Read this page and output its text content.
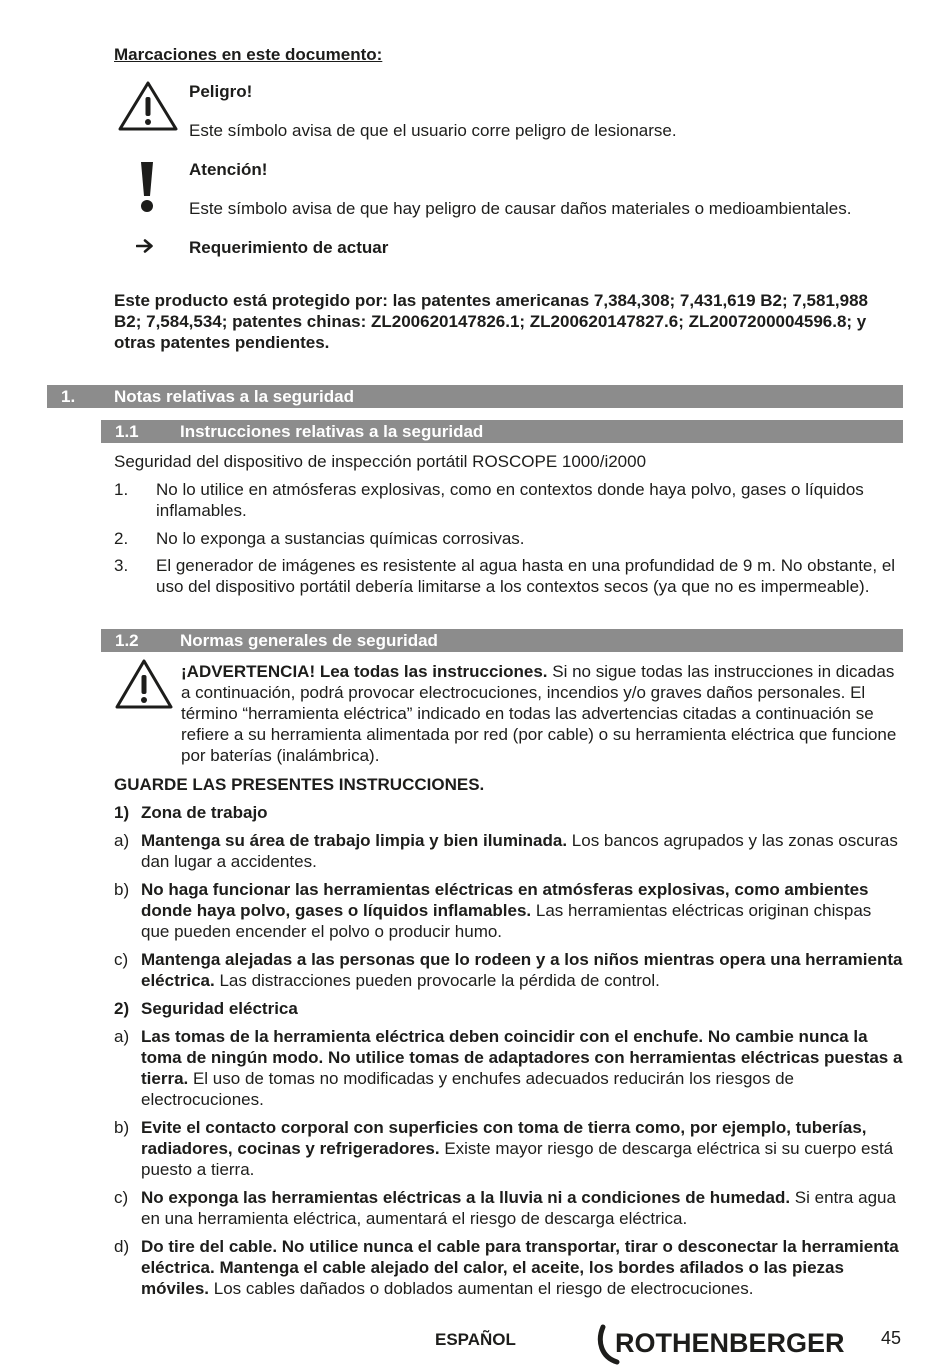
Marcaciones en este documento:
Peligro!
Este símbolo avisa de que el usuario corre peligro de lesionarse.
Atención!
Este símbolo avisa de que hay peligro de causar daños materiales o medioambientales.
Requerimiento de actuar
Este producto está protegido por: las patentes americanas 7,384,308; 7,431,619 B2; 7,581,988 B2; 7,584,534; patentes chinas: ZL200620147826.1; ZL200620147827.6; ZL2007200004596.8; y otras patentes pendientes.
1. Notas relativas a la seguridad
1.1 Instrucciones relativas a la seguridad
Seguridad del dispositivo de inspección portátil ROSCOPE 1000/i2000
1. No lo utilice en atmósferas explosivas, como en contextos donde haya polvo, gases o líquidos inflamables.
2. No lo exponga a sustancias químicas corrosivas.
3. El generador de imágenes es resistente al agua hasta en una profundidad de 9 m. No obstante, el uso del dispositivo portátil debería limitarse a los contextos secos (ya que no es impermeable).
1.2 Normas generales de seguridad
¡ADVERTENCIA! Lea todas las instrucciones. Si no sigue todas las instrucciones in dicadas a continuación, podrá provocar electrocuciones, incendios y/o graves daños personales. El término “herramienta eléctrica” indicado en todas las advertencias citadas a continuación se refiere a su herramienta alimentada por red (por cable) o su herramienta eléctrica que funcione por baterías (inalámbrica).
GUARDE LAS PRESENTES INSTRUCCIONES.
1) Zona de trabajo
a) Mantenga su área de trabajo limpia y bien iluminada. Los bancos agrupados y las zonas oscuras dan lugar a accidentes.
b) No haga funcionar las herramientas eléctricas en atmósferas explosivas, como ambientes donde haya polvo, gases o líquidos inflamables. Las herramientas eléctricas originan chispas que pueden encender el polvo o producir humo.
c) Mantenga alejadas a las personas que lo rodeen y a los niños mientras opera una herramienta eléctrica. Las distracciones pueden provocarle la pérdida de control.
2) Seguridad eléctrica
a) Las tomas de la herramienta eléctrica deben coincidir con el enchufe. No cambie nunca la toma de ningún modo. No utilice tomas de adaptadores con herramientas eléctricas puestas a tierra. El uso de tomas no modificadas y enchufes adecuados reducirán los riesgos de electrocuciones.
b) Evite el contacto corporal con superficies con toma de tierra como, por ejemplo, tuberías, radiadores, cocinas y refrigeradores. Existe mayor riesgo de descarga eléctrica si su cuerpo está puesto a tierra.
c) No exponga las herramientas eléctricas a la lluvia ni a condiciones de humedad. Si entra agua en una herramienta eléctrica, aumentará el riesgo de descarga eléctrica.
d) Do tire del cable. No utilice nunca el cable para transportar, tirar o desconectar la herramienta eléctrica. Mantenga el cable alejado del calor, el aceite, los bordes afilados o las piezas móviles. Los cables dañados o doblados aumentan el riesgo de electrocuciones.
ESPAÑOL	ROTHENBERGER 45
